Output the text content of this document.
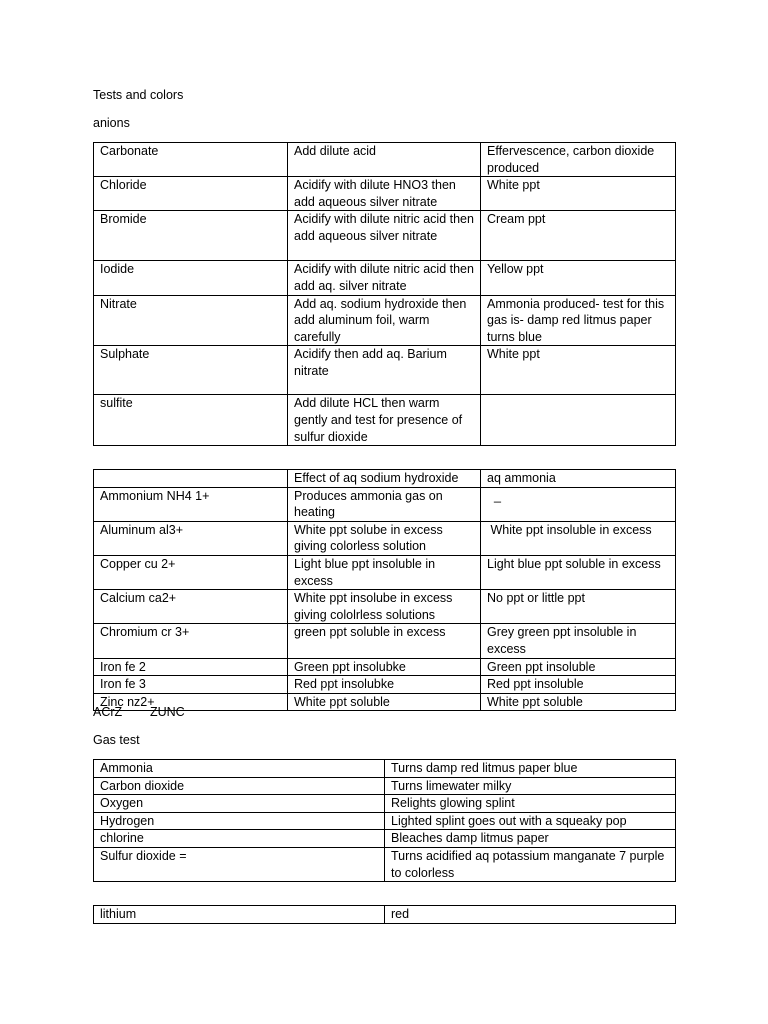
Tests and colors

anions

Carbonate	Add dilute acid	Effervescence, carbon dioxide produced
Chloride	Acidify with dilute HNO3 then add aqueous silver nitrate	White ppt
Bromide	Acidify with dilute nitric acid then add aqueous silver nitrate	Cream ppt
Iodide	Acidify with dilute nitric acid then add aq. silver nitrate	Yellow ppt
Nitrate	Add aq. sodium hydroxide then add aluminum foil, warm carefully	Ammonia produced- test for this gas is- damp red litmus paper turns blue
Sulphate	Acidify then add aq. Barium nitrate	White ppt
sulfite	Add dilute HCL then warm gently and test for presence of sulfur dioxide	
	Effect of aq sodium hydroxide	aq ammonia
Ammonium NH4 1+	Produces ammonia gas on heating	_
Aluminum al3+	White ppt solube in excess giving colorless solution	White ppt insoluble in excess
Copper cu 2+	Light blue ppt insoluble in excess	Light blue ppt soluble in excess
Calcium ca2+	White ppt insolube in excess giving cololrless solutions	No ppt or little ppt
Chromium cr 3+	green ppt soluble in excess	Grey green ppt insoluble in excess
Iron fe 2	Green ppt insolubke	Green ppt insoluble
Iron fe 3	Red ppt insolubke	Red ppt insoluble
Zinc nz2+	White ppt soluble	White ppt soluble

ACrZ        ZUNC

Gas test

Ammonia	Turns damp red litmus paper blue
Carbon dioxide	Turns limewater milky
Oxygen	Relights glowing splint
Hydrogen	Lighted splint goes out with a squeaky pop
chlorine	Bleaches damp litmus paper
Sulfur dioxide =	Turns acidified aq potassium manganate 7 purple to colorless
lithium	red
